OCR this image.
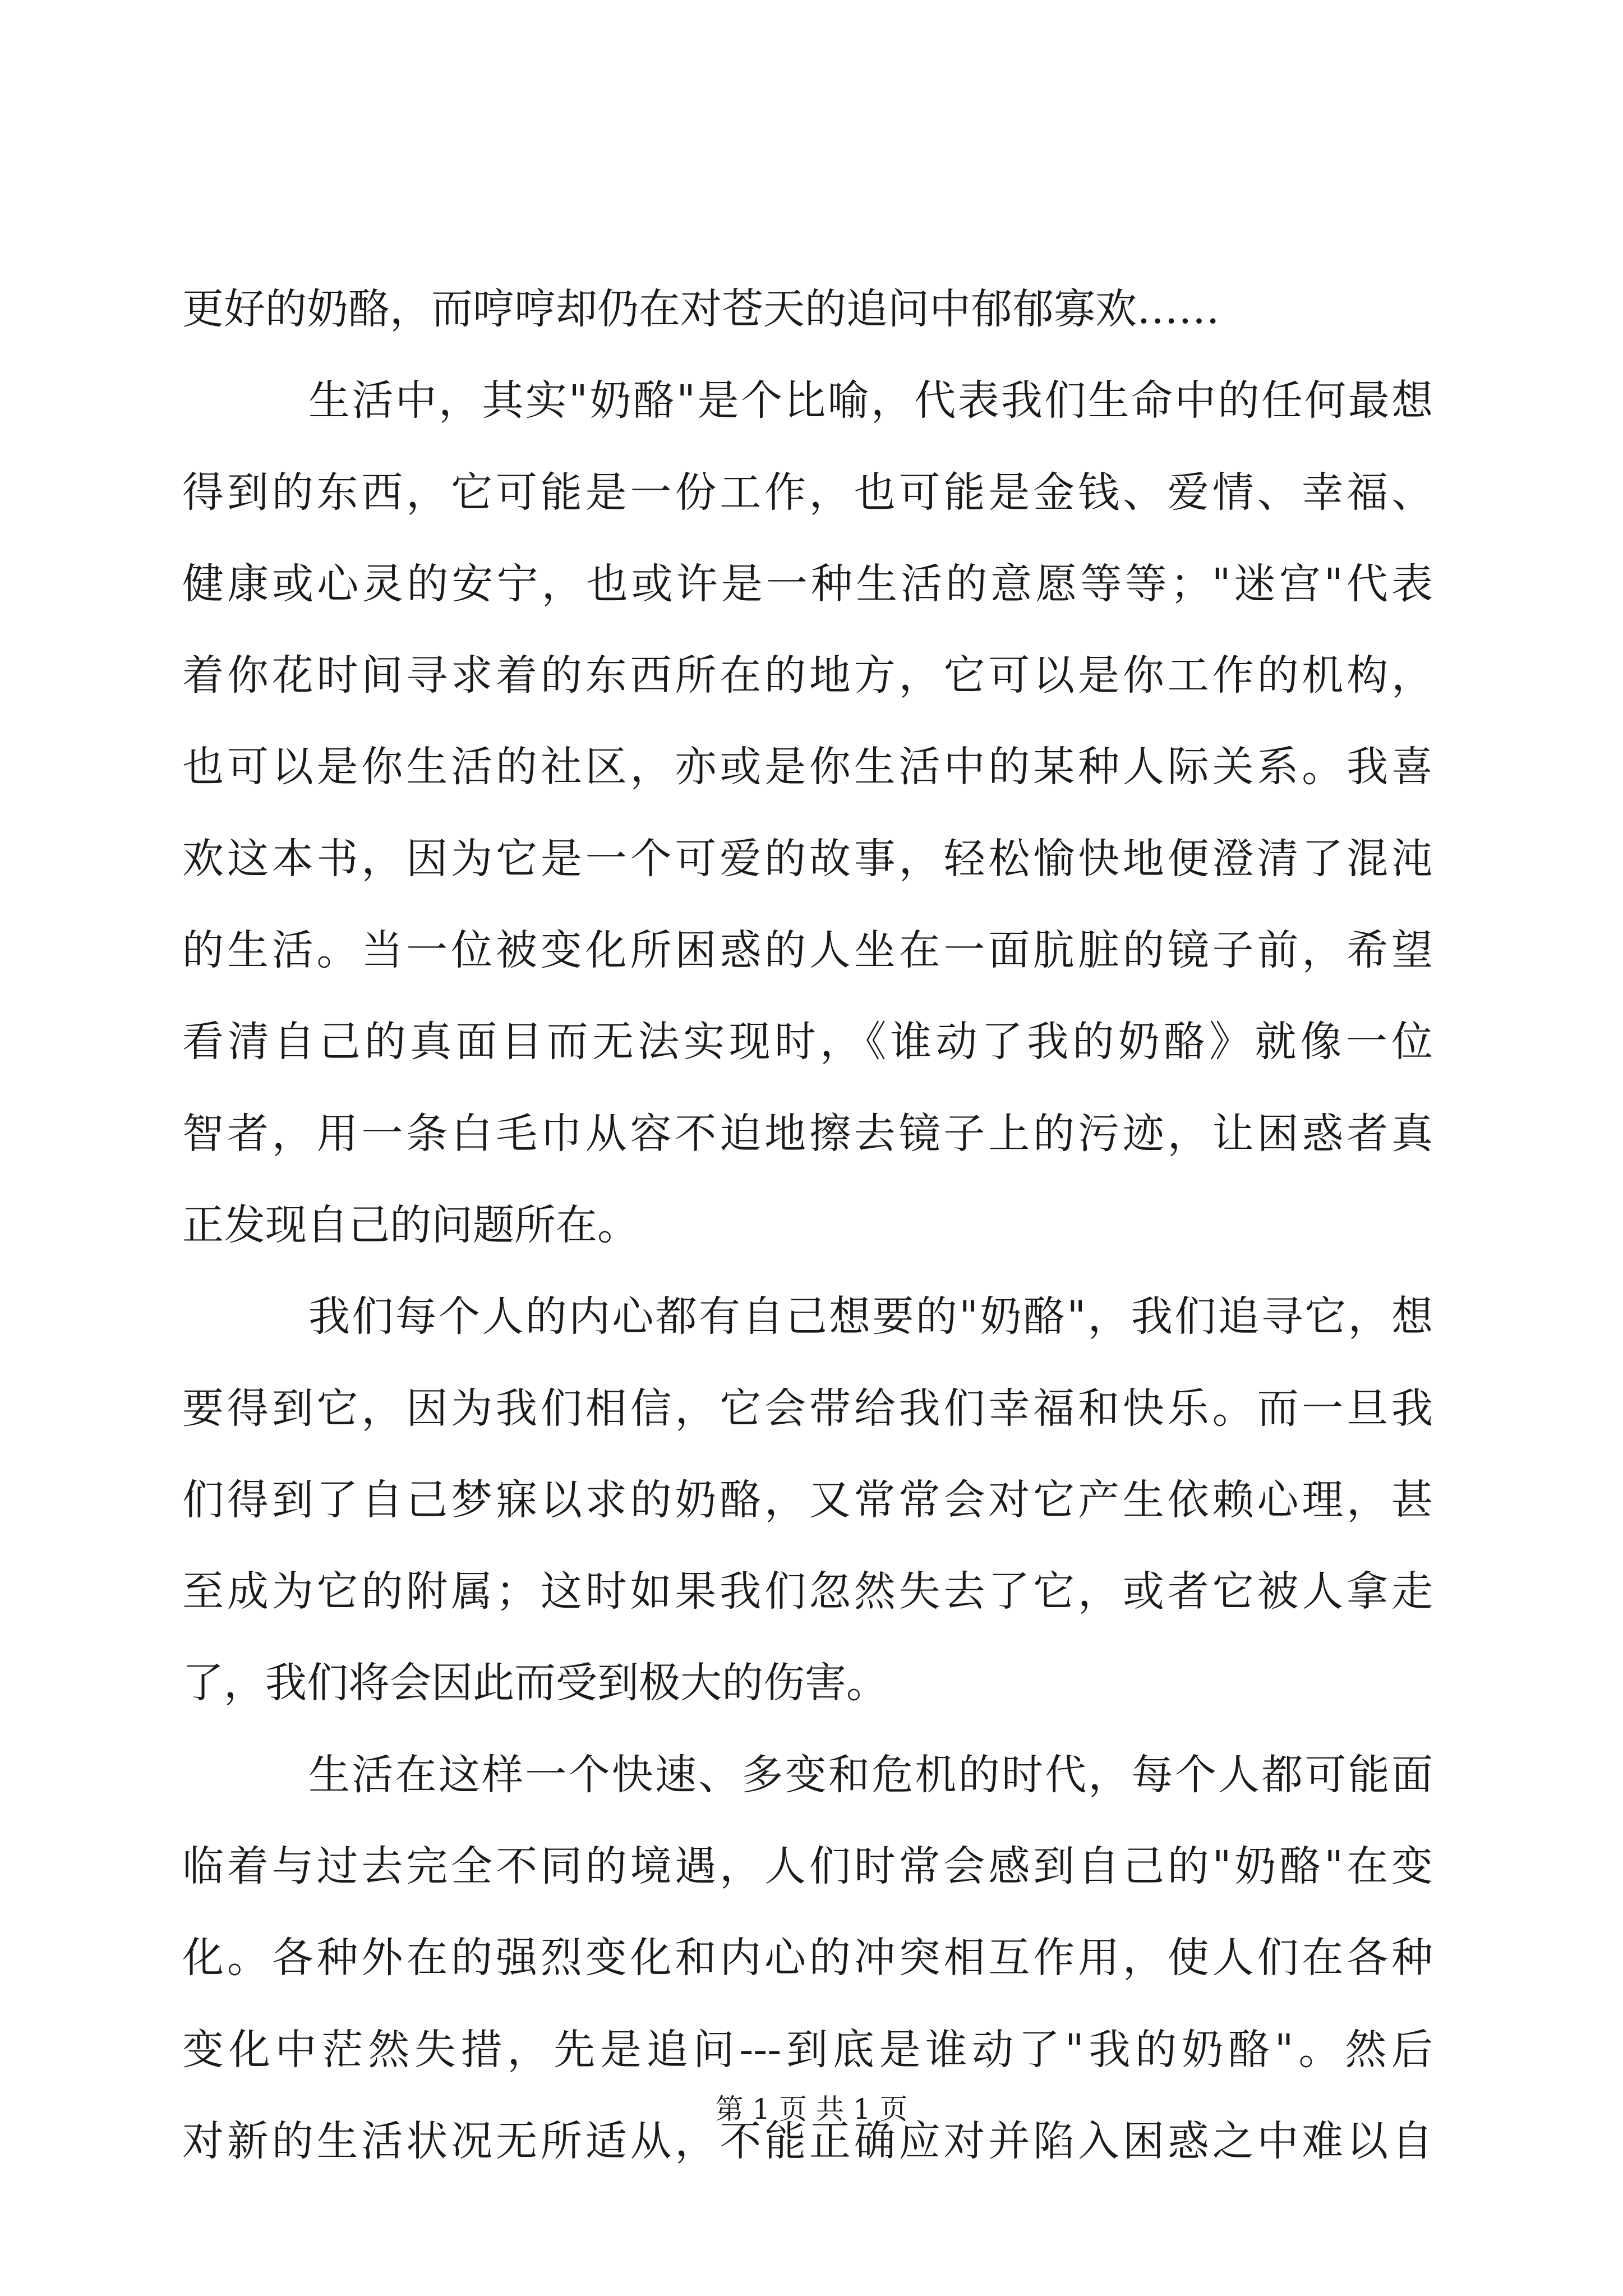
更好的奶酪，而哼哼却仍在对苍天的追问中郁郁寡欢……
生活中，其实"奶酪"是个比喻，代表我们生命中的任何最想
得到的东西，它可能是一份工作，也可能是金钱、爱情、幸福、
健康或心灵的安宁，也或许是一种生活的意愿等等；"迷宫"代表
着你花时间寻求着的东西所在的地方，它可以是你工作的机构，
也可以是你生活的社区，亦或是你生活中的某种人际关系。我喜
欢这本书，因为它是一个可爱的故事，轻松愉快地便澄清了混沌
的生活。当一位被变化所困惑的人坐在一面肮脏的镜子前，希望
看清自己的真面目而无法实现时，《谁动了我的奶酪》就像一位
智者，用一条白毛巾从容不迫地擦去镜子上的污迹，让困惑者真
正发现自己的问题所在。
我们每个人的内心都有自己想要的"奶酪"，我们追寻它，想
要得到它，因为我们相信，它会带给我们幸福和快乐。而一旦我
们得到了自己梦寐以求的奶酪，又常常会对它产生依赖心理，甚
至成为它的附属；这时如果我们忽然失去了它，或者它被人拿走
了，我们将会因此而受到极大的伤害。
生活在这样一个快速、多变和危机的时代，每个人都可能面
临着与过去完全不同的境遇，人们时常会感到自己的"奶酪"在变
化。各种外在的强烈变化和内心的冲突相互作用，使人们在各种
变化中茫然失措，先是追问---到底是谁动了"我的奶酪"。然后
对新的生活状况无所适从，不能正确应对并陷入困惑之中难以自
第 1 页 共 1 页
